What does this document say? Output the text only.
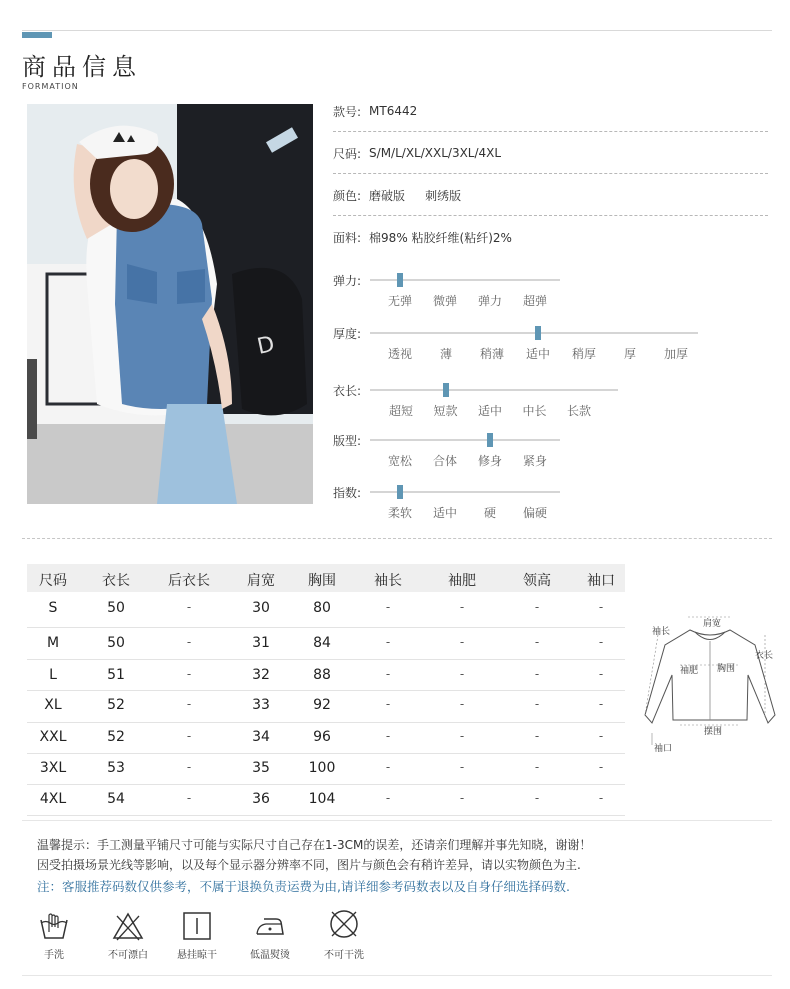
商品信息
FORMATION
D
款号: MT6442
尺码: S/M/L/XL/XXL/3XL/4XL
颜色: 磨破版 刺绣版
面料: 棉98% 粘胶纤维(粘纤)2%
弹力:
无弹 微弹 弹力 超弹
厚度:
透视 薄 稍薄 适中 稍厚 厚 加厚
衣长:
超短 短款 适中 中长 长款
版型:
宽松 合体 修身 紧身
指数:
柔软 适中 硬 偏硬
尺码	衣长	后衣长	肩宽 胸围	袖长	袖肥	领高	袖口
S	50	-	30	80	-	-	-	-
M	50	-	31	84	-	-	-	-
L	51	-	32	88	-	-	-	-
XL	52	-	33	92	-	-	-	-
XXL	52	-	34	96	-	-	-	-
3XL	53	-	35	100	-	-	-	-
4XL	54	-	36	104	-	-	-	-
肩宽
袖长
衣长
袖肥 胸围
摆围
袖口
温馨提示：手工测量平铺尺寸可能与实际尺寸自己存在1-3CM的误差，还请亲们理解并事先知晓，谢谢！
因受拍摄场景光线等影响，以及每个显示器分辨率不同，图片与颜色会有稍许差异，请以实物颜色为主.
注：客服推荐码数仅供参考，不属于退换负责运费为由,请详细参考码数表以及自身仔细选择码数.
手洗	不可漂白	悬挂晾干	低温熨烫	不可干洗
